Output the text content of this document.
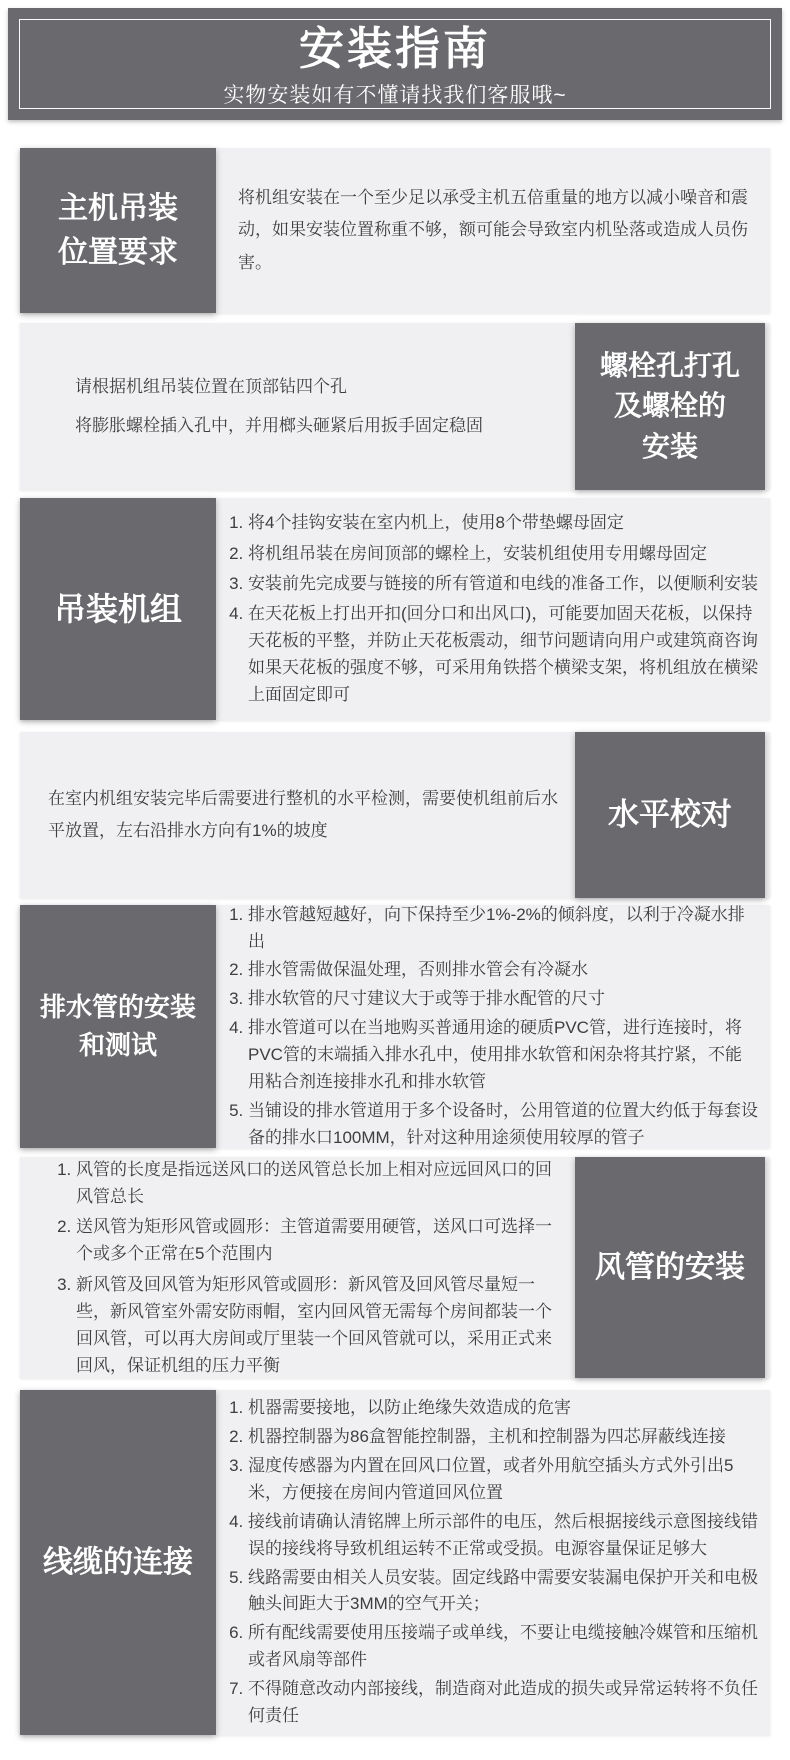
安装指南

实物安装如有不懂请找我们客服哦~

主机吊装
位置要求

将机组安装在一个至少足以承受主机五倍重量的地方以减小噪音和震动，如果安装位置称重不够，额可能会导致室内机坠落或造成人员伤害。

螺栓孔打孔
及螺栓的
安装

请根据机组吊装位置在顶部钻四个孔

将膨胀螺栓插入孔中，并用榔头砸紧后用扳手固定稳固

吊装机组
1. 将4个挂钩安装在室内机上，使用8个带垫螺母固定
2. 将机组吊装在房间顶部的螺栓上，安装机组使用专用螺母固定
3. 安装前先完成要与链接的所有管道和电线的准备工作，以便顺利安装
4. 在天花板上打出开扣(回分口和出风口)，可能要加固天花板，以保持天花板的平整，并防止天花板震动，细节问题请向用户或建筑商咨询如果天花板的强度不够，可采用角铁搭个横梁支架，将机组放在横梁上面固定即可
水平校对

在室内机组安装完毕后需要进行整机的水平检测，需要使机组前后水平放置，左右沿排水方向有1%的坡度

排水管的安装
和测试
1. 排水管越短越好，向下保持至少1%-2%的倾斜度，以利于冷凝水排出
2. 排水管需做保温处理，否则排水管会有冷凝水
3. 排水软管的尺寸建议大于或等于排水配管的尺寸
4. 排水管道可以在当地购买普通用途的硬质PVC管，进行连接时，将PVC管的末端插入排水孔中，使用排水软管和闲杂将其拧紧，不能用粘合剂连接排水孔和排水软管
5. 当铺设的排水管道用于多个设备时，公用管道的位置大约低于每套设备的排水口100MM，针对这种用途须使用较厚的管子
风管的安装
1. 风管的长度是指远送风口的送风管总长加上相对应远回风口的回风管总长
2. 送风管为矩形风管或圆形：主管道需要用硬管，送风口可选择一个或多个正常在5个范围内
3. 新风管及回风管为矩形风管或圆形：新风管及回风管尽量短一些，新风管室外需安防雨帽，室内回风管无需每个房间都装一个回风管，可以再大房间或厅里装一个回风管就可以，采用正式来回风，保证机组的压力平衡
线缆的连接
1. 机器需要接地，以防止绝缘失效造成的危害
2. 机器控制器为86盒智能控制器，主机和控制器为四芯屏蔽线连接
3. 湿度传感器为内置在回风口位置，或者外用航空插头方式外引出5米，方便接在房间内管道回风位置
4. 接线前请确认清铭牌上所示部件的电压，然后根据接线示意图接线错误的接线将导致机组运转不正常或受损。电源容量保证足够大
5. 线路需要由相关人员安装。固定线路中需要安装漏电保护开关和电极触头间距大于3MM的空气开关；
6. 所有配线需要使用压接端子或单线，不要让电缆接触冷媒管和压缩机或者风扇等部件
7. 不得随意改动内部接线，制造商对此造成的损失或异常运转将不负任何责任
